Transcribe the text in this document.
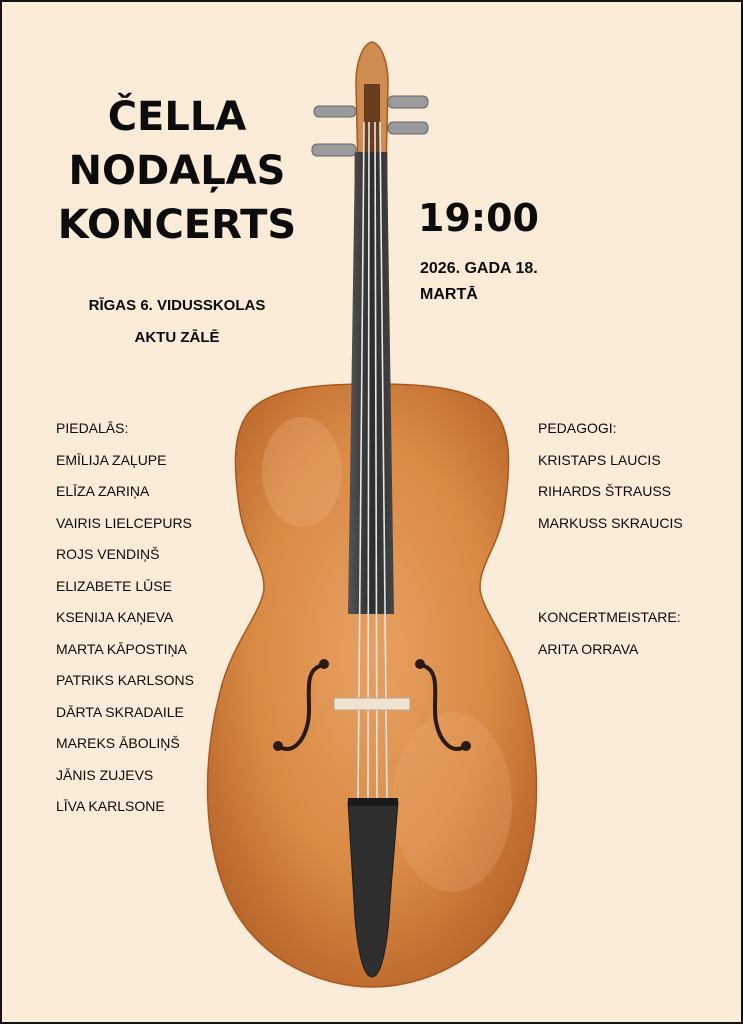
ČELLA
NODAĻAS
KONCERTS
RĪGAS 6. VIDUSSKOLAS
AKTU ZĀLĒ
19:00
2026. GADA 18.
MARTĀ
PIEDALĀS:
EMĪLIJA ZAĻUPE
ELĪZA ZARIŅA
VAIRIS LIELCEPURS
ROJS VENDIŅŠ
ELIZABETE LŪSE
KSENIJA KAŅEVA
MARTA KĀPOSTIŅA
PATRIKS KARLSONS
DĀRTA SKRADAILE
MAREKS ĀBOLIŅŠ
JĀNIS ZUJEVS
LĪVA KARLSONE
PEDAGOGI:
KRISTAPS LAUCIS
RIHARDS ŠTRAUSS
MARKUSS SKRAUCIS
KONCERTMEISTARE:
ARITA ORRAVA
